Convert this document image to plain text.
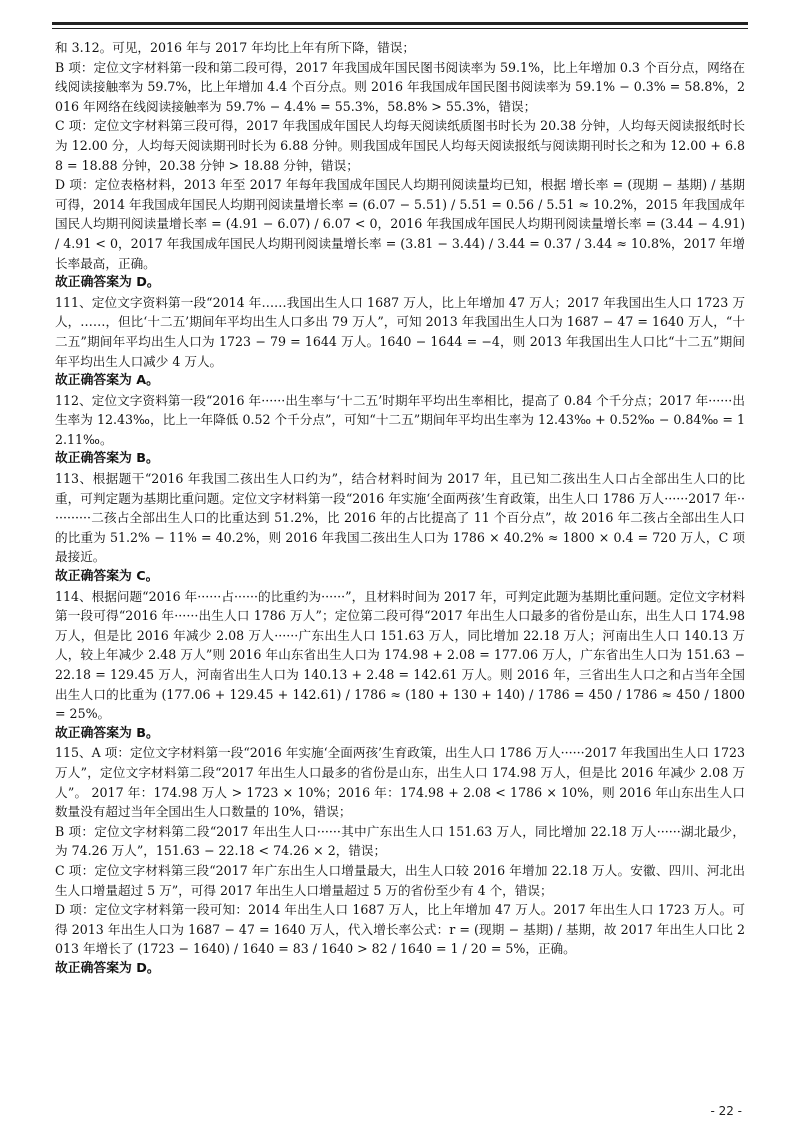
和 3.12。可见，2016 年与 2017 年均比上年有所下降，错误；

B 项：定位文字材料第一段和第二段可得，2017 年我国成年国民图书阅读率为 59.1%，比上年增加 0.3 个百分点，网络在线阅读接触率为 59.7%，比上年增加 4.4 个百分点。则 2016 年我国成年国民图书阅读率为 59.1% − 0.3% = 58.8%，2016 年网络在线阅读接触率为 59.7% − 4.4% = 55.3%，58.8% > 55.3%，错误；

C 项：定位文字材料第三段可得，2017 年我国成年国民人均每天阅读纸质图书时长为 20.38 分钟，人均每天阅读报纸时长为 12.00 分，人均每天阅读期刊时长为 6.88 分钟。则我国成年国民人均每天阅读报纸与阅读期刊时长之和为 12.00 + 6.88 = 18.88 分钟，20.38 分钟 > 18.88 分钟，错误；

D 项：定位表格材料，2013 年至 2017 年每年我国成年国民人均期刊阅读量均已知，根据 增长率 = (现期 − 基期) / 基期 可得，2014 年我国成年国民人均期刊阅读量增长率 = (6.07 − 5.51) / 5.51 = 0.56 / 5.51 ≈ 10.2%，2015 年我国成年国民人均期刊阅读量增长率 = (4.91 − 6.07) / 6.07 < 0，2016 年我国成年国民人均期刊阅读量增长率 = (3.44 − 4.91) / 4.91 < 0，2017 年我国成年国民人均期刊阅读量增长率 = (3.81 − 3.44) / 3.44 = 0.37 / 3.44 ≈ 10.8%，2017 年增长率最高，正确。

故正确答案为 D。

111、定位文字资料第一段“2014 年……我国出生人口 1687 万人，比上年增加 47 万人；2017 年我国出生人口 1723 万人，……，但比‘十二五’期间年平均出生人口多出 79 万人”，可知 2013 年我国出生人口为 1687 − 47 = 1640 万人，“十二五”期间年平均出生人口为 1723 − 79 = 1644 万人。1640 − 1644 = −4，则 2013 年我国出生人口比“十二五”期间年平均出生人口减少 4 万人。

故正确答案为 A。

112、定位文字资料第一段“2016 年······出生率与‘十二五’时期年平均出生率相比，提高了 0.84 个千分点；2017 年······出生率为 12.43‰，比上一年降低 0.52 个千分点”，可知“十二五”期间年平均出生率为 12.43‰ + 0.52‰ − 0.84‰ = 12.11‰。

故正确答案为 B。

113、根据题干“2016 年我国二孩出生人口约为”，结合材料时间为 2017 年，且已知二孩出生人口占全部出生人口的比重，可判定题为基期比重问题。定位文字材料第一段“2016 年实施‘全面两孩’生育政策，出生人口 1786 万人······2017 年···········二孩占全部出生人口的比重达到 51.2%，比 2016 年的占比提高了 11 个百分点”，故 2016 年二孩占全部出生人口的比重为 51.2% − 11% = 40.2%，则 2016 年我国二孩出生人口为 1786 × 40.2% ≈ 1800 × 0.4 = 720 万人，C 项最接近。

故正确答案为 C。

114、根据问题“2016 年······占······的比重约为······”，且材料时间为 2017 年，可判定此题为基期比重问题。定位文字材料第一段可得“2016 年······出生人口 1786 万人”；定位第二段可得“2017 年出生人口最多的省份是山东，出生人口 174.98 万人，但是比 2016 年减少 2.08 万人······广东出生人口 151.63 万人，同比增加 22.18 万人；河南出生人口 140.13 万人，较上年减少 2.48 万人”则 2016 年山东省出生人口为 174.98 + 2.08 = 177.06 万人，广东省出生人口为 151.63 − 22.18 = 129.45 万人，河南省出生人口为 140.13 + 2.48 = 142.61 万人。则 2016 年，三省出生人口之和占当年全国出生人口的比重为 (177.06 + 129.45 + 142.61) / 1786 ≈ (180 + 130 + 140) / 1786 = 450 / 1786 ≈ 450 / 1800 = 25%。

故正确答案为 B。

115、A 项：定位文字材料第一段“2016 年实施‘全面两孩’生育政策，出生人口 1786 万人······2017 年我国出生人口 1723 万人”，定位文字材料第二段“2017 年出生人口最多的省份是山东，出生人口 174.98 万人，但是比 2016 年减少 2.08 万人”。 2017 年：174.98 万人 > 1723 × 10%；2016 年：174.98 + 2.08 < 1786 × 10%，则 2016 年山东出生人口数量没有超过当年全国出生人口数量的 10%，错误；

B 项：定位文字材料第二段“2017 年出生人口······其中广东出生人口 151.63 万人，同比增加 22.18 万人······湖北最少，为 74.26 万人”，151.63 − 22.18 < 74.26 × 2，错误；

C 项：定位文字材料第三段“2017 年广东出生人口增量最大，出生人口较 2016 年增加 22.18 万人。安徽、四川、河北出生人口增量超过 5 万”，可得 2017 年出生人口增量超过 5 万的省份至少有 4 个，错误；

D 项：定位文字材料第一段可知：2014 年出生人口 1687 万人，比上年增加 47 万人。2017 年出生人口 1723 万人。可得 2013 年出生人口为 1687 − 47 = 1640 万人，代入增长率公式：r = (现期 − 基期) / 基期，故 2017 年出生人口比 2013 年增长了 (1723 − 1640) / 1640 = 83 / 1640 > 82 / 1640 = 1 / 20 = 5%，正确。

故正确答案为 D。

- 22 -
